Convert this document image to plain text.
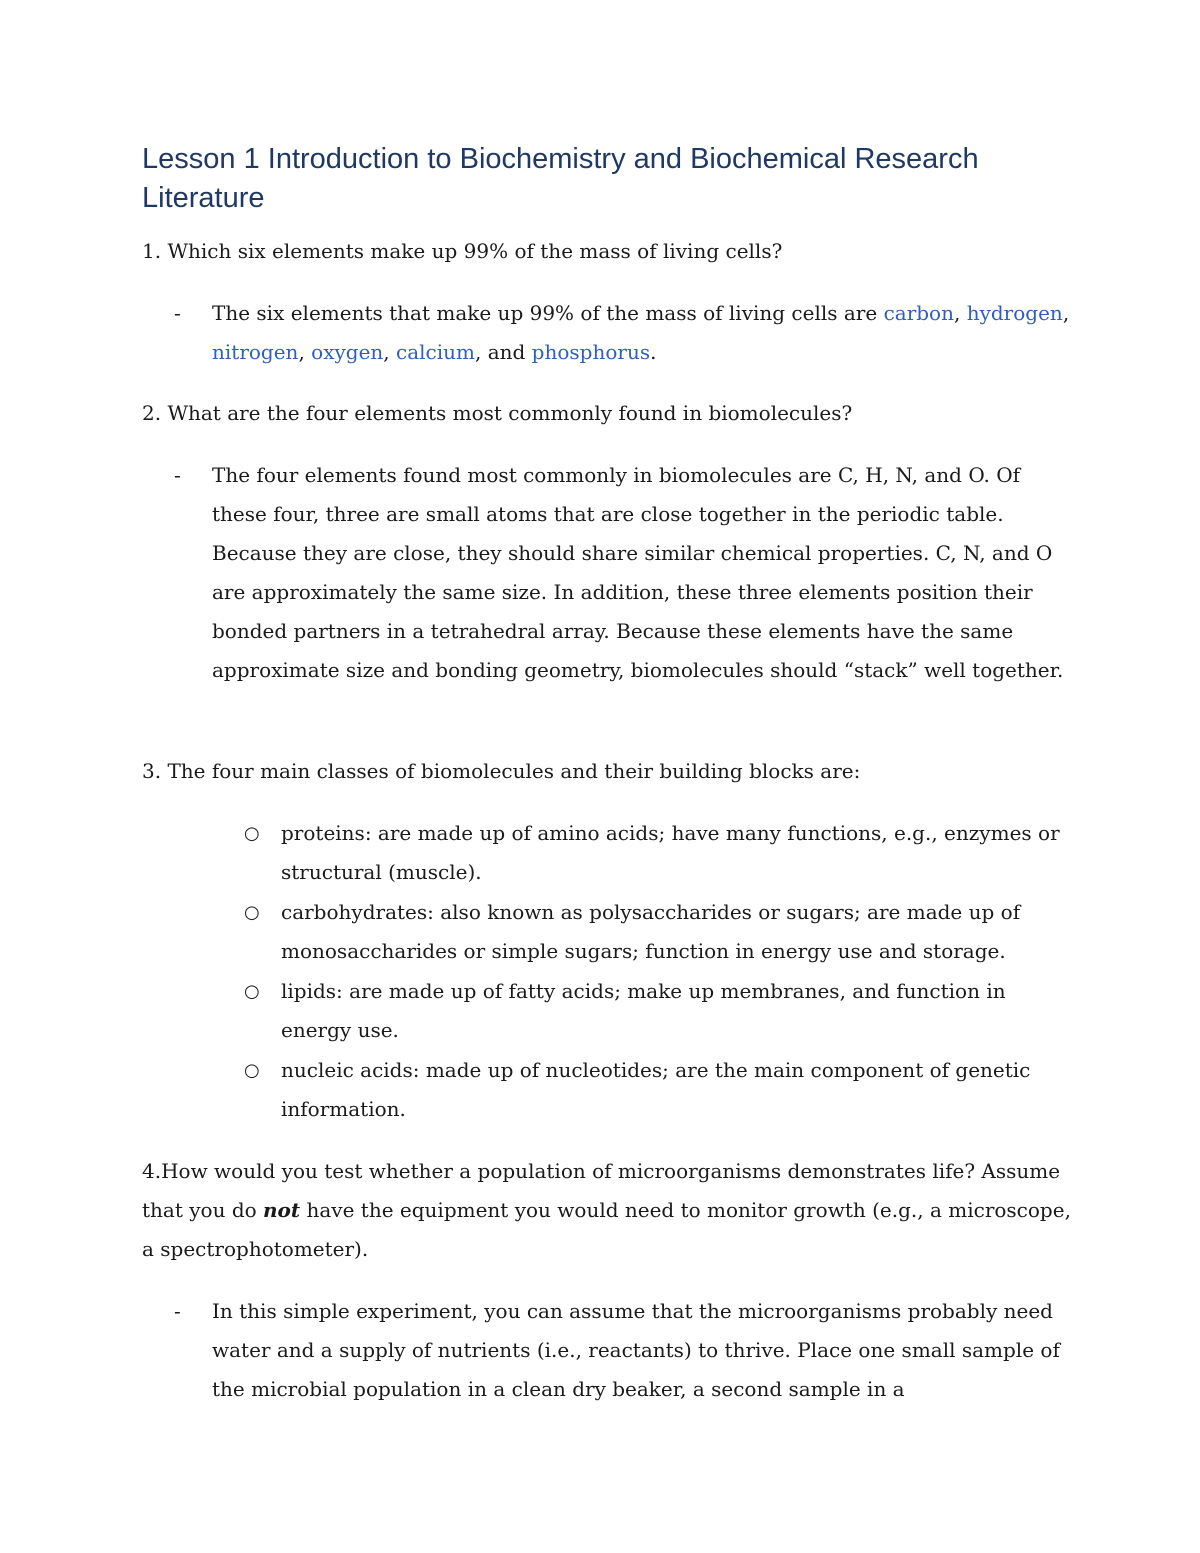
Lesson 1 Introduction to Biochemistry and Biochemical Research Literature

1. Which six elements make up 99% of the mass of living cells?

- The six elements that make up 99% of the mass of living cells are carbon, hydrogen, nitrogen, oxygen, calcium, and phosphorus.

2. What are the four elements most commonly found in biomolecules?

- The four elements found most commonly in biomolecules are C, H, N, and O. Of these four, three are small atoms that are close together in the periodic table. Because they are close, they should share similar chemical properties. C, N, and O are approximately the same size. In addition, these three elements position their bonded partners in a tetrahedral array. Because these elements have the same approximate size and bonding geometry, biomolecules should “stack” well together.

3. The four main classes of biomolecules and their building blocks are:

○ proteins: are made up of amino acids; have many functions, e.g., enzymes or structural (muscle).

○ carbohydrates: also known as polysaccharides or sugars; are made up of monosaccharides or simple sugars; function in energy use and storage.

○ lipids: are made up of fatty acids; make up membranes, and function in energy use.

○ nucleic acids: made up of nucleotides; are the main component of genetic information.

4.How would you test whether a population of microorganisms demonstrates life? Assume that you do not have the equipment you would need to monitor growth (e.g., a microscope, a spectrophotometer).

- In this simple experiment, you can assume that the microorganisms probably need water and a supply of nutrients (i.e., reactants) to thrive. Place one small sample of the microbial population in a clean dry beaker, a second sample in a
